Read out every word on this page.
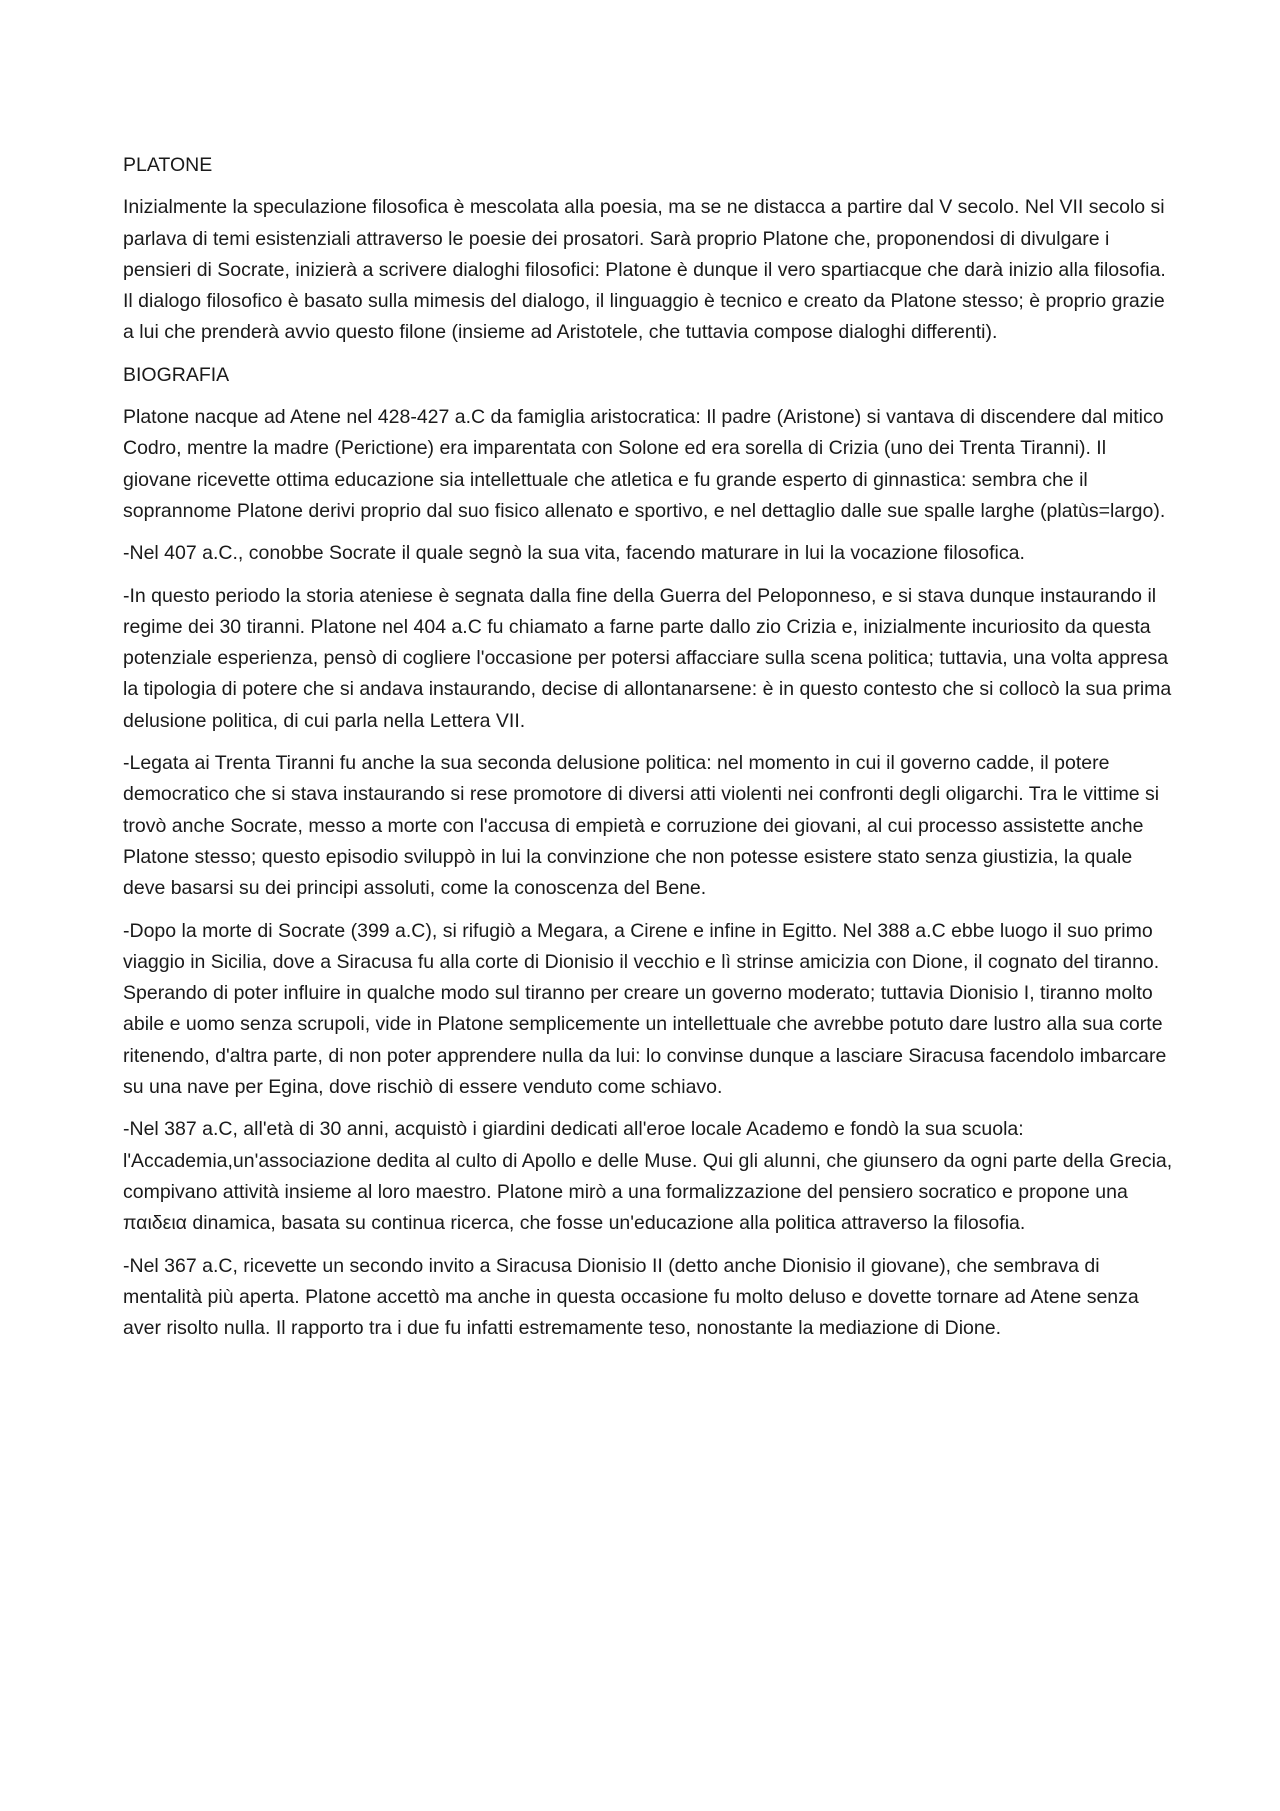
PLATONE

Inizialmente la speculazione filosofica è mescolata alla poesia, ma se ne distacca a partire dal V secolo. Nel VII secolo si parlava di temi esistenziali attraverso le poesie dei prosatori. Sarà proprio Platone che, proponendosi di divulgare i pensieri di Socrate, inizierà a scrivere dialoghi filosofici: Platone è dunque il vero spartiacque che darà inizio alla filosofia. Il dialogo filosofico è basato sulla mimesis del dialogo, il linguaggio è tecnico e creato da Platone stesso; è proprio grazie a lui che prenderà avvio questo filone (insieme ad Aristotele, che tuttavia compose dialoghi differenti).

BIOGRAFIA

Platone nacque ad Atene nel 428-427 a.C da famiglia aristocratica: Il padre (Aristone) si vantava di discendere dal mitico Codro, mentre la madre (Perictione) era imparentata con Solone ed era sorella di Crizia (uno dei Trenta Tiranni). Il giovane ricevette ottima educazione sia intellettuale che atletica e fu grande esperto di ginnastica: sembra che il soprannome Platone derivi proprio dal suo fisico allenato e sportivo, e nel dettaglio dalle sue spalle larghe (platùs=largo).

-Nel 407 a.C., conobbe Socrate il quale segnò la sua vita, facendo maturare in lui la vocazione filosofica.

-In questo periodo la storia ateniese è segnata dalla fine della Guerra del Peloponneso, e si stava dunque instaurando il regime dei 30 tiranni. Platone nel 404 a.C fu chiamato a farne parte dallo zio Crizia e, inizialmente incuriosito da questa potenziale esperienza, pensò di cogliere l'occasione per potersi affacciare sulla scena politica; tuttavia, una volta appresa la tipologia di potere che si andava instaurando, decise di allontanarsene: è in questo contesto che si collocò la sua prima delusione politica, di cui parla nella Lettera VII.

-Legata ai Trenta Tiranni fu anche la sua seconda delusione politica: nel momento in cui il governo cadde, il potere democratico che si stava instaurando si rese promotore di diversi atti violenti nei confronti degli oligarchi. Tra le vittime si trovò anche Socrate, messo a morte con l'accusa di empietà e corruzione dei giovani, al cui processo assistette anche Platone stesso; questo episodio sviluppò in lui la convinzione che non potesse esistere stato senza giustizia, la quale deve basarsi su dei principi assoluti, come la conoscenza del Bene.

-Dopo la morte di Socrate (399 a.C), si rifugiò a Megara, a Cirene e infine in Egitto. Nel 388 a.C ebbe luogo il suo primo viaggio in Sicilia, dove a Siracusa fu alla corte di Dionisio il vecchio e lì strinse amicizia con Dione, il cognato del tiranno. Sperando di poter influire in qualche modo sul tiranno per creare un governo moderato; tuttavia Dionisio I, tiranno molto abile e uomo senza scrupoli, vide in Platone semplicemente un intellettuale che avrebbe potuto dare lustro alla sua corte ritenendo, d'altra parte, di non poter apprendere nulla da lui: lo convinse dunque a lasciare Siracusa facendolo imbarcare su una nave per Egina, dove rischiò di essere venduto come schiavo.

-Nel 387 a.C, all'età di 30 anni, acquistò i giardini dedicati all'eroe locale Academo e fondò la sua scuola: l'Accademia,un'associazione dedita al culto di Apollo e delle Muse. Qui gli alunni, che giunsero da ogni parte della Grecia, compivano attività insieme al loro maestro. Platone mirò a una formalizzazione del pensiero socratico e propone una παιδεια dinamica, basata su continua ricerca, che fosse un'educazione alla politica attraverso la filosofia.

-Nel 367 a.C, ricevette un secondo invito a Siracusa Dionisio II (detto anche Dionisio il giovane), che sembrava di mentalità più aperta. Platone accettò ma anche in questa occasione fu molto deluso e dovette tornare ad Atene senza aver risolto nulla. Il rapporto tra i due fu infatti estremamente teso, nonostante la mediazione di Dione.
